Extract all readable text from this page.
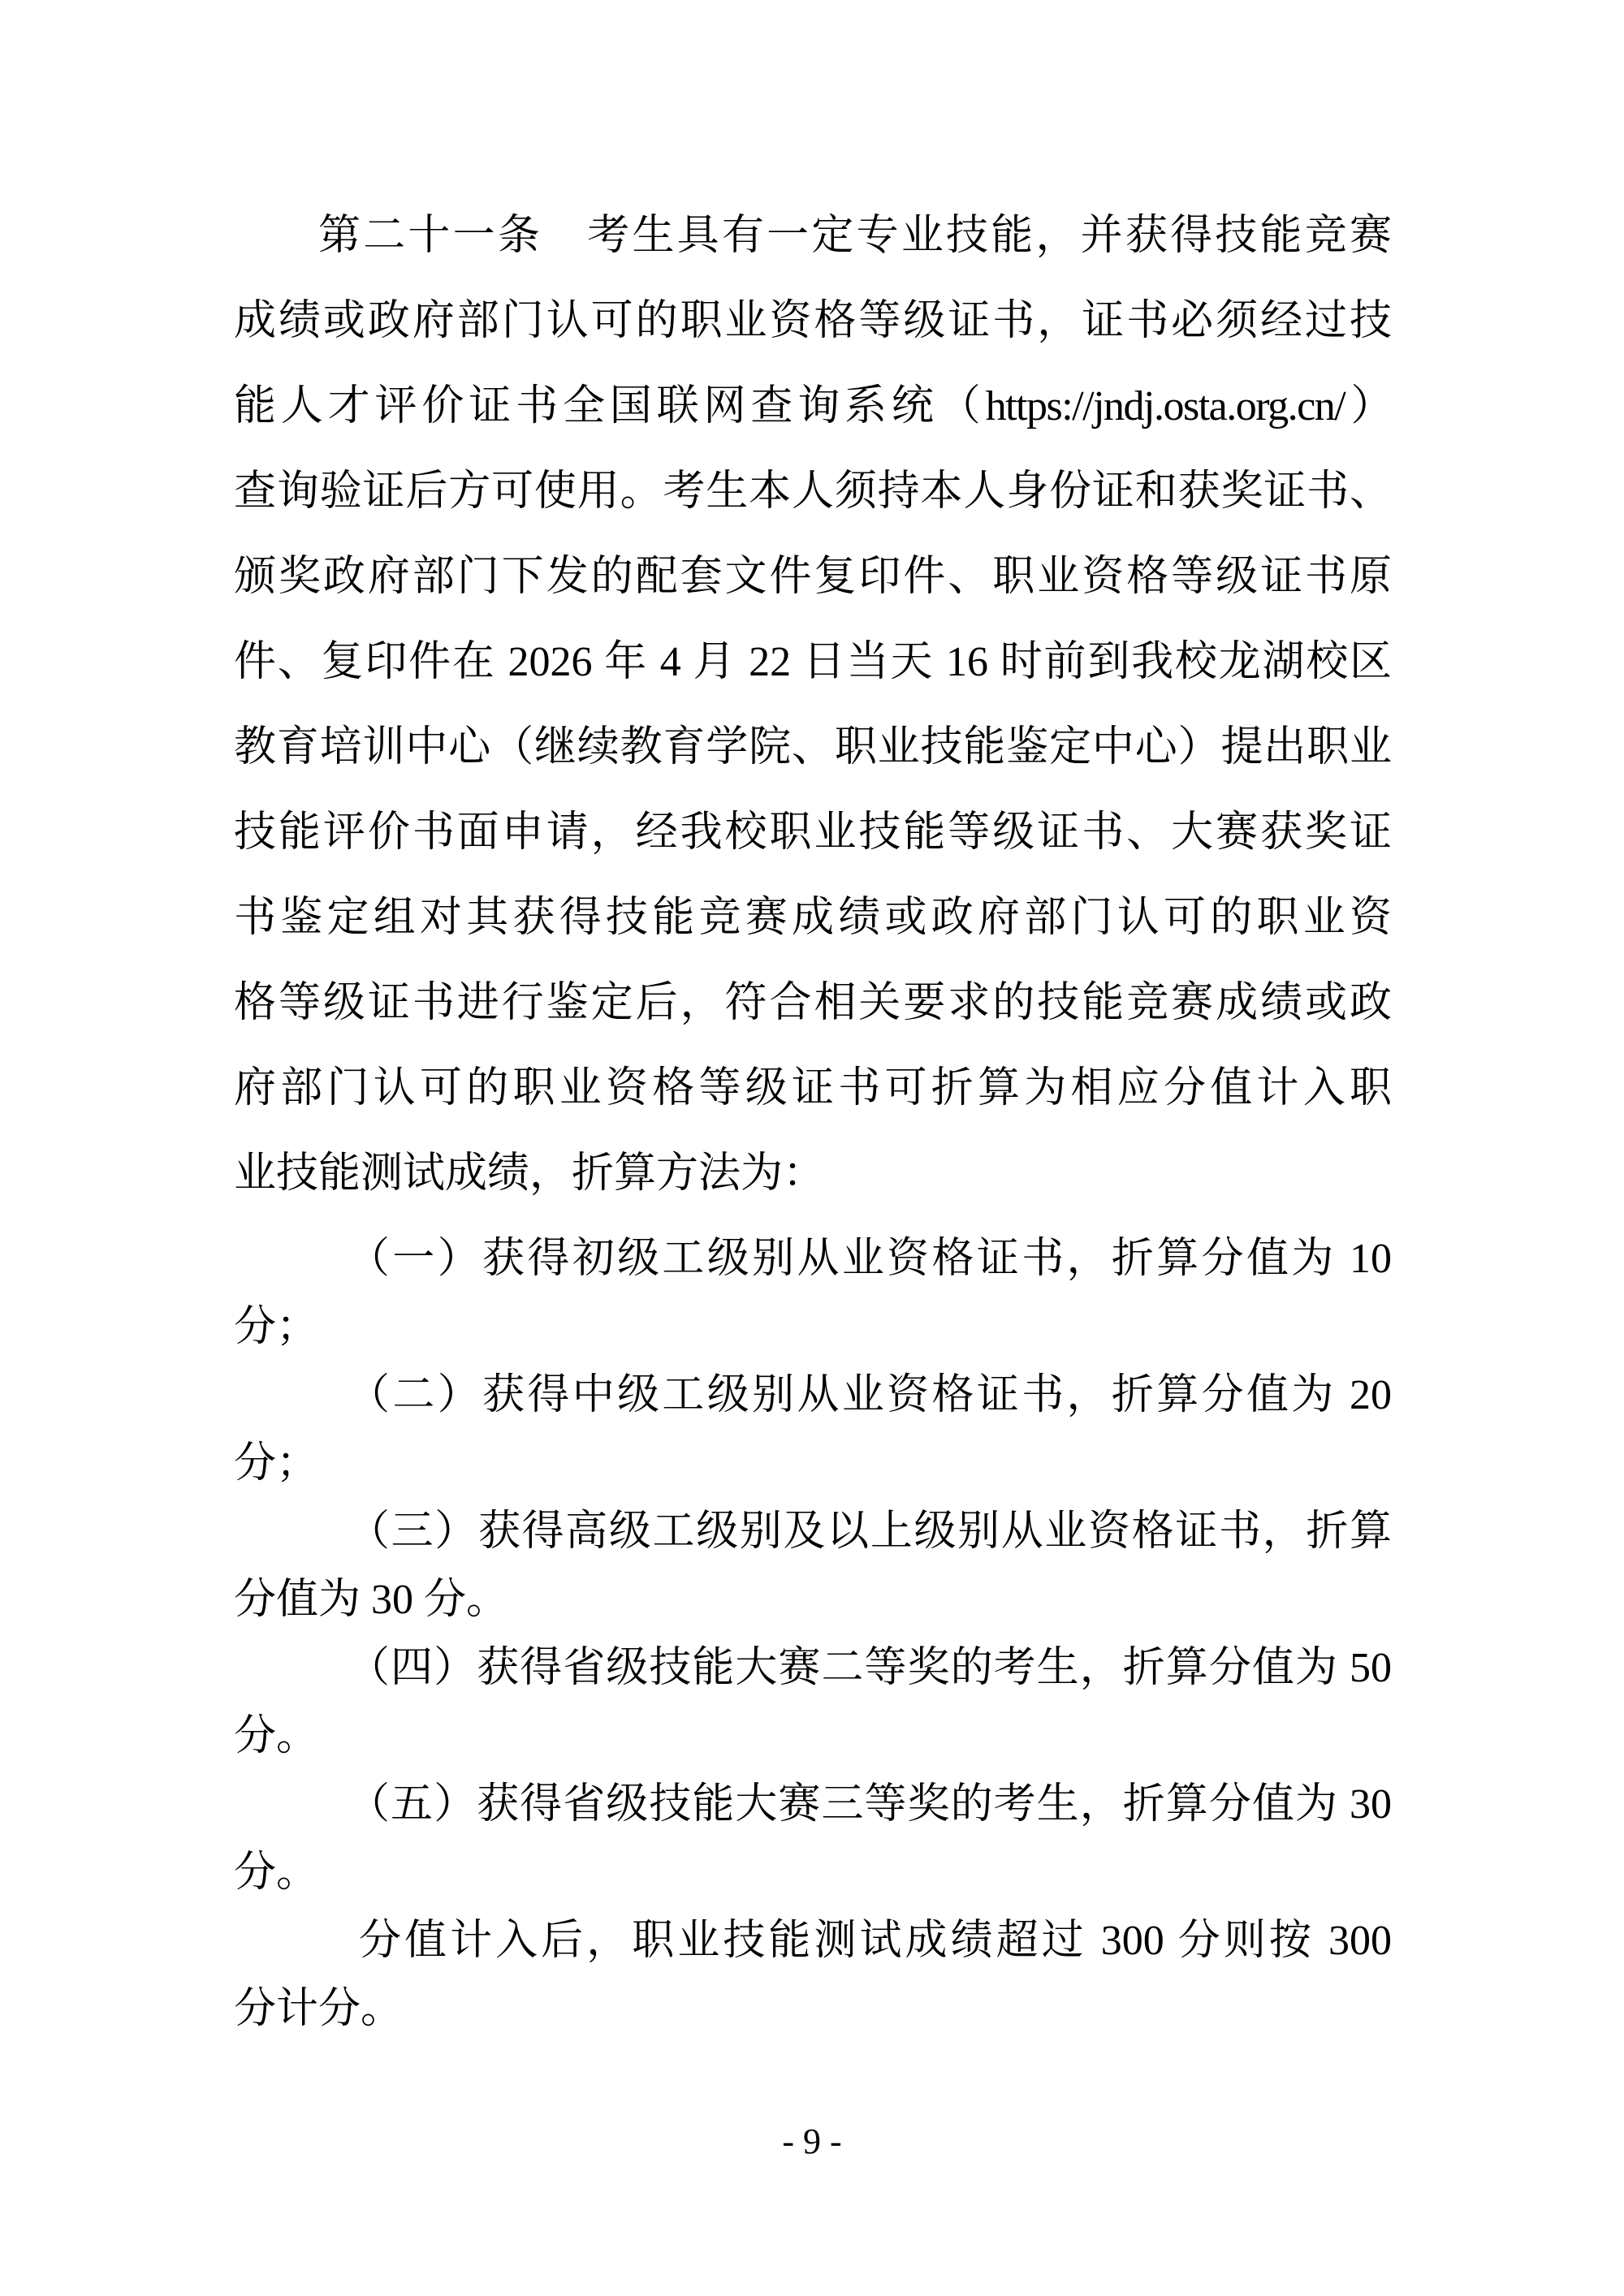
第二十一条　考生具有一定专业技能，并获得技能竞赛
成绩或政府部门认可的职业资格等级证书，证书必须经过技
能人才评价证书全国联网查询系统（https://jndj.osta.org.cn/）
查询验证后方可使用。考生本人须持本人身份证和获奖证书、
颁奖政府部门下发的配套文件复印件、职业资格等级证书原
件、复印件在 2026 年 4 月 22 日当天 16 时前到我校龙湖校区
教育培训中心（继续教育学院、职业技能鉴定中心）提出职业
技能评价书面申请，经我校职业技能等级证书、大赛获奖证
书鉴定组对其获得技能竞赛成绩或政府部门认可的职业资
格等级证书进行鉴定后，符合相关要求的技能竞赛成绩或政
府部门认可的职业资格等级证书可折算为相应分值计入职
业技能测试成绩，折算方法为：
（一）获得初级工级别从业资格证书，折算分值为 10
分；
（二）获得中级工级别从业资格证书，折算分值为 20
分；
（三）获得高级工级别及以上级别从业资格证书，折算
分值为 30 分。
（四）获得省级技能大赛二等奖的考生，折算分值为 50
分。
（五）获得省级技能大赛三等奖的考生，折算分值为 30
分。
分值计入后，职业技能测试成绩超过 300 分则按 300
分计分。
- 9 -
